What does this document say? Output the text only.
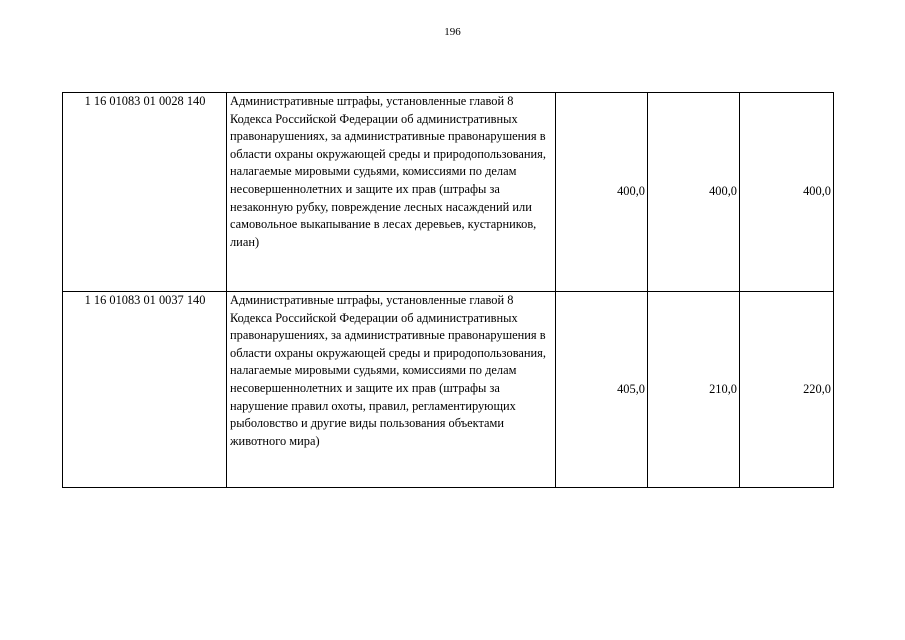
196
1 16 01083 01 0028 140	Административные штрафы, установленные главой 8 Кодекса Российской Федерации об административных правонарушениях, за административные правонарушения в области охраны окружающей среды и природопользования, налагаемые мировыми судьями, комиссиями по делам несовершеннолетних и защите их прав (штрафы за незаконную рубку, повреждение лесных насаждений или самовольное выкапывание в лесах деревьев, кустарников, лиан)	400,0	400,0	400,0
1 16 01083 01 0037 140	Административные штрафы, установленные главой 8 Кодекса Российской Федерации об административных правонарушениях, за административные правонарушения в области охраны окружающей среды и природопользования, налагаемые мировыми судьями, комиссиями по делам несовершеннолетних и защите их прав (штрафы за нарушение правил охоты, правил, регламентирующих рыболовство и другие виды пользования объектами животного мира)	405,0	210,0	220,0
